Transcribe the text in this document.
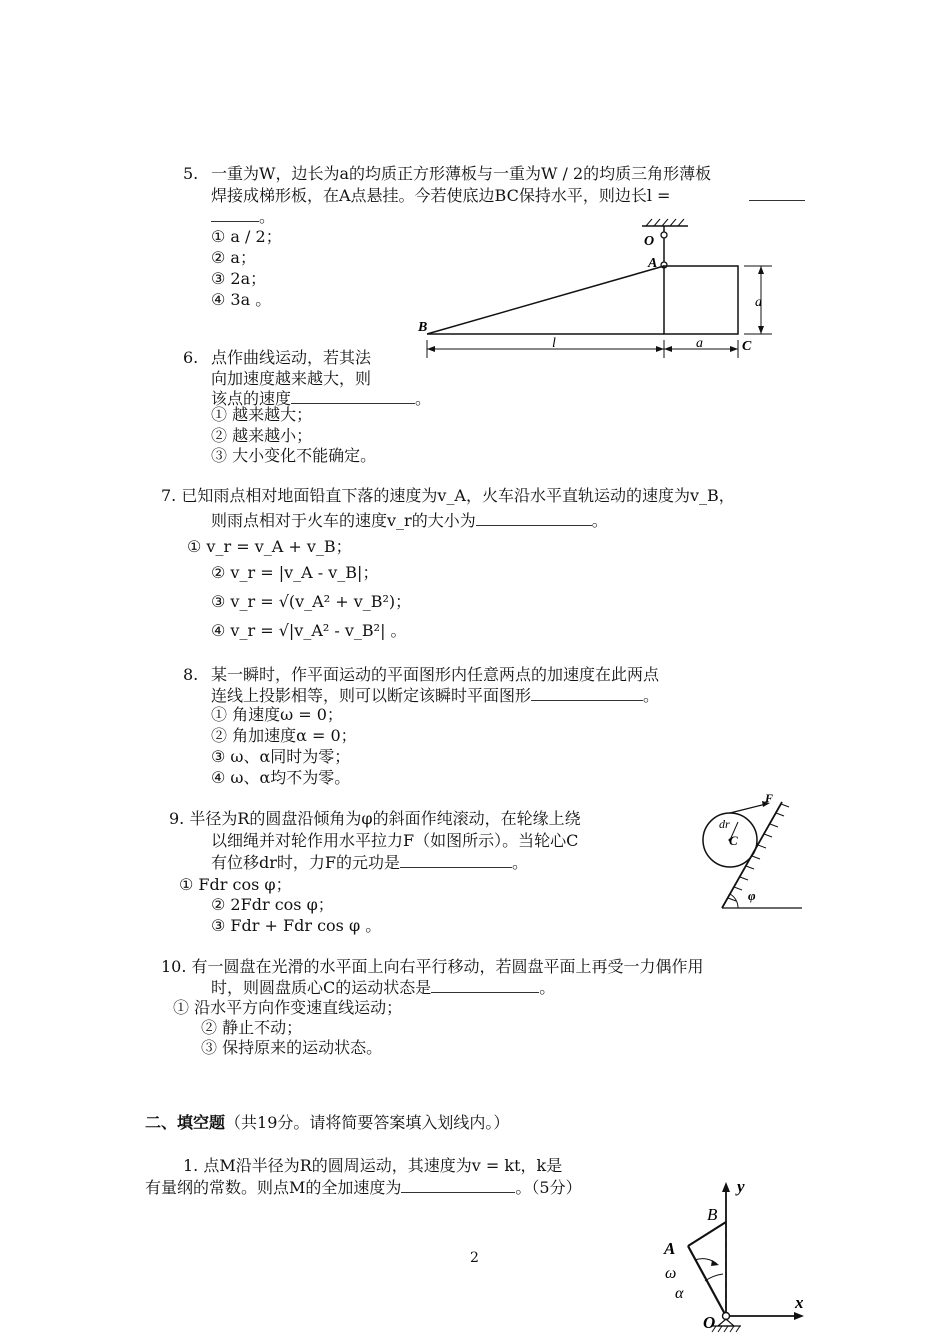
5. 一重为W，边长为a的均质正方形薄板与一重为W / 2的均质三角形薄板
焊接成梯形板，在A点悬挂。今若使底边BC保持水平，则边长l =
。
① a / 2；
② a；
③ 2a；
④ 3a 。
O
A
B
C
l	a
a
6. 点作曲线运动，若其法
向加速度越来越大，则
该点的速度	。
① 越来越大；
② 越来越小；
③ 大小变化不能确定。
7. 已知雨点相对地面铅直下落的速度为v_A，火车沿水平直轨运动的速度为v_B，
则雨点相对于火车的速度v_r的大小为	。
① v_r = v_A + v_B；
② v_r = |v_A - v_B|；
③ v_r = √(v_A² + v_B²)；
④ v_r = √|v_A² - v_B²| 。
8. 某一瞬时，作平面运动的平面图形内任意两点的加速度在此两点
连线上投影相等，则可以断定该瞬时平面图形	。
① 角速度ω = 0；
② 角加速度α = 0；
③ ω、α同时为零；
④ ω、α均不为零。
9. 半径为R的圆盘沿倾角为φ的斜面作纯滚动，在轮缘上绕
以细绳并对轮作用水平拉力F（如图所示）。当轮心C
有位移dr时，力F的元功是	。
① Fdr cos φ；
② 2Fdr cos φ；
③ Fdr + Fdr cos φ 。
F
dr
C
φ
10. 有一圆盘在光滑的水平面上向右平行移动，若圆盘平面上再受一力偶作用
时，则圆盘质心C的运动状态是	。
① 沿水平方向作变速直线运动；
② 静止不动；
③ 保持原来的运动状态。
二、填空题（共19分。请将简要答案填入划线内。）
1. 点M沿半径为R的圆周运动，其速度为v = kt，k是
有量纲的常数。则点M的全加速度为	。（5分）	y
x
B
A
O
ω
α
2
